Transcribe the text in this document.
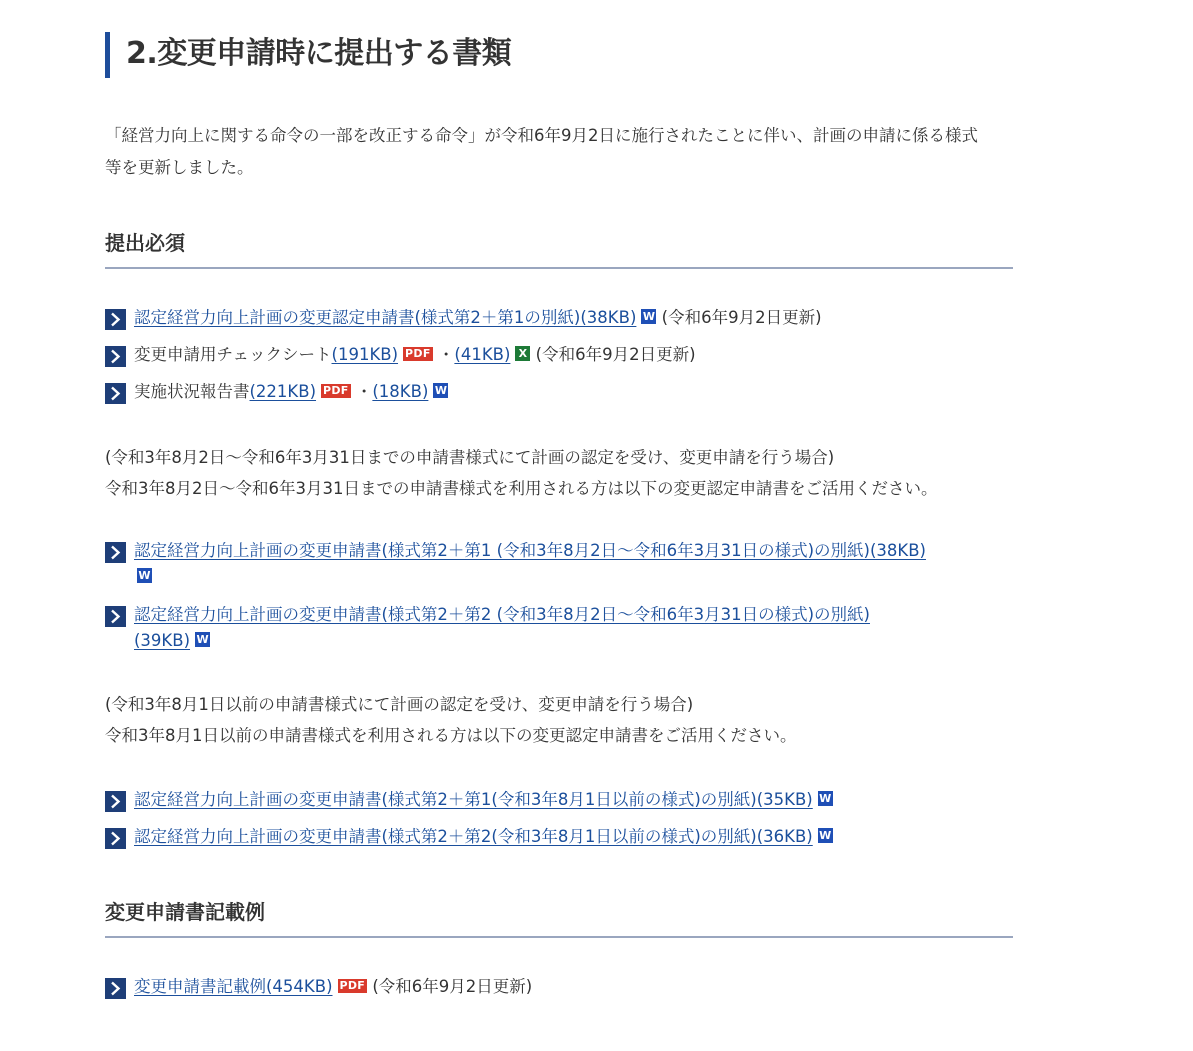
2.変更申請時に提出する書類

「経営力向上に関する命令の一部を改正する命令」が令和6年9月2日に施行されたことに伴い、計画の申請に係る様式
等を更新しました。

提出必須
認定経営力向上計画の変更認定申請書(様式第2＋第1の別紙)(38KB) W (令和6年9月2日更新)
変更申請用チェックシート(191KB) PDF ・(41KB) X (令和6年9月2日更新)
実施状況報告書(221KB) PDF ・(18KB) W

(令和3年8月2日～令和6年3月31日までの申請書様式にて計画の認定を受け、変更申請を行う場合)
令和3年8月2日～令和6年3月31日までの申請書様式を利用される方は以下の変更認定申請書をご活用ください。

認定経営力向上計画の変更申請書(様式第2＋第1 (令和3年8月2日～令和6年3月31日の様式)の別紙)(38KB)
W
認定経営力向上計画の変更申請書(様式第2＋第2 (令和3年8月2日～令和6年3月31日の様式)の別紙)
(39KB) W

(令和3年8月1日以前の申請書様式にて計画の認定を受け、変更申請を行う場合)
令和3年8月1日以前の申請書様式を利用される方は以下の変更認定申請書をご活用ください。

認定経営力向上計画の変更申請書(様式第2＋第1(令和3年8月1日以前の様式)の別紙)(35KB) W
認定経営力向上計画の変更申請書(様式第2＋第2(令和3年8月1日以前の様式)の別紙)(36KB) W
変更申請書記載例
変更申請書記載例(454KB) PDF (令和6年9月2日更新)
